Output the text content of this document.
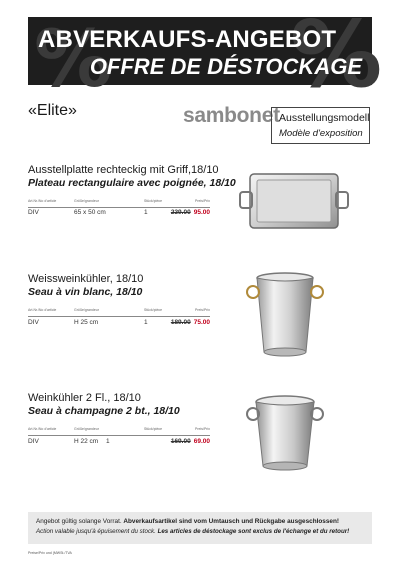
% %
ABVERKAUFS-ANGEBOT
OFFRE DE DÉSTOCKAGE
«Elite»	sambonet Ausstellungsmodell
Modèle d'exposition
Ausstellplatte rechteckig mit Griff,18/10
Plateau rectangulaire avec poignée, 18/10
Art.Nr./No d'article	Größe/grandeur	Stück/pièce	Preis/Prix
DIV	65 x 50 cm	1	239.00 95.00
Weissweinkühler, 18/10
Seau à vin blanc, 18/10
Art.Nr./No d'article	Größe/grandeur	Stück/pièce	Preis/Prix
DIV	H 25 cm	1	189.00 75.00
Weinkühler 2 Fl., 18/10
Seau à champagne 2 bt., 18/10
Art.Nr./No d'article	Größe/grandeur	Stück/pièce	Preis/Prix
DIV	H 22 cm 1	169.00 69.00
Angebot gültig solange Vorrat. Abverkaufsartikel sind vom Umtausch und Rückgabe ausgeschlossen!
Action valable jusqu'à épuisement du stock. Les articles de déstockage sont exclus de l'échange et du retour!
Preise/Prix und (MWSt./TVA
